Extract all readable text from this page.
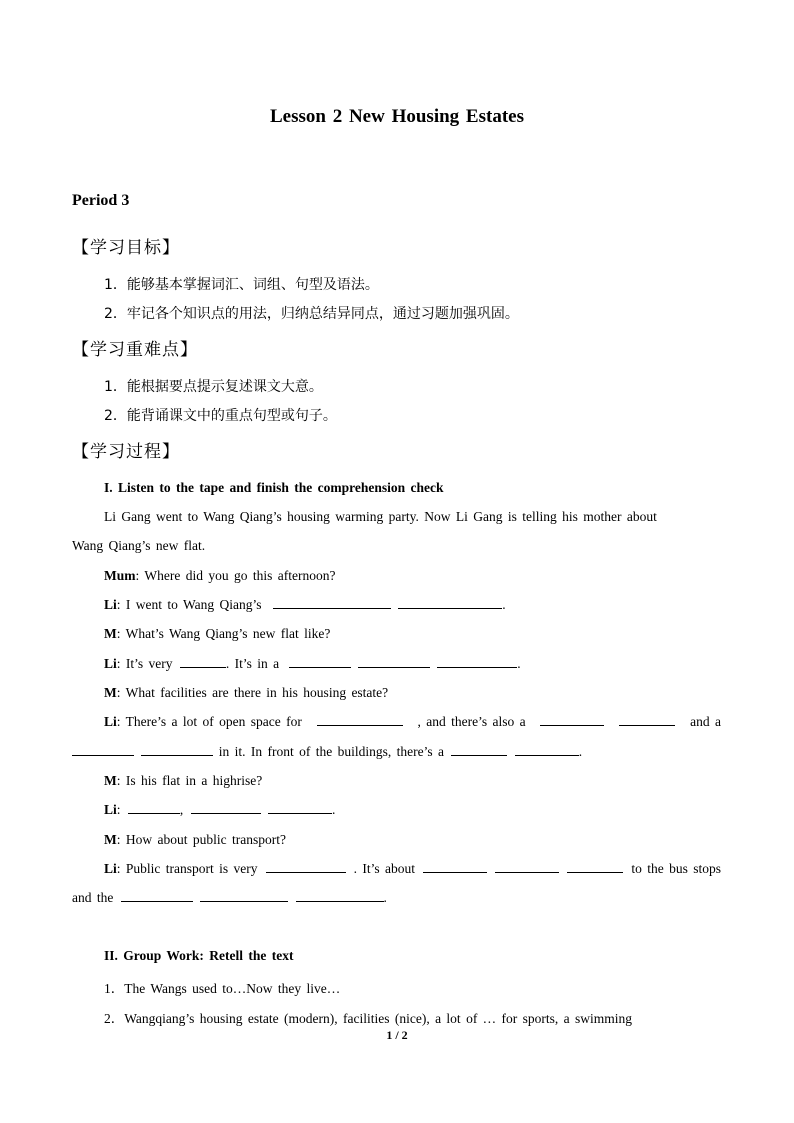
Lesson 2 New Housing Estates
Period 3
【学习目标】
1．能够基本掌握词汇、词组、句型及语法。
2．牢记各个知识点的用法，归纳总结异同点，通过习题加强巩固。
【学习重难点】
1．能根据要点提示复述课文大意。
2．能背诵课文中的重点句型或句子。
【学习过程】
I. Listen to the tape and finish the comprehension check
Li Gang went to Wang Qiang’s housing warming party. Now Li Gang is telling his mother about
Wang Qiang’s new flat.
Mum: Where did you go this afternoon?
Li: I went to Wang Qiang’s	.
M: What’s Wang Qiang’s new flat like?
Li: It’s very	. It’s in a	.
M: What facilities are there in his housing estate?
Li: There’s a lot of open space for	, and there’s also a	and a
in it. In front of the buildings, there’s a	.
M: Is his flat in a highrise?
Li:	,	.
M: How about public transport?
Li: Public transport is very	. It’s about	to the bus stops
and the	.
II. Group Work: Retell the text
1．The Wangs used to…Now they live…
2．Wangqiang’s housing estate (modern), facilities (nice), a lot of … for sports, a swimming
1 / 2
